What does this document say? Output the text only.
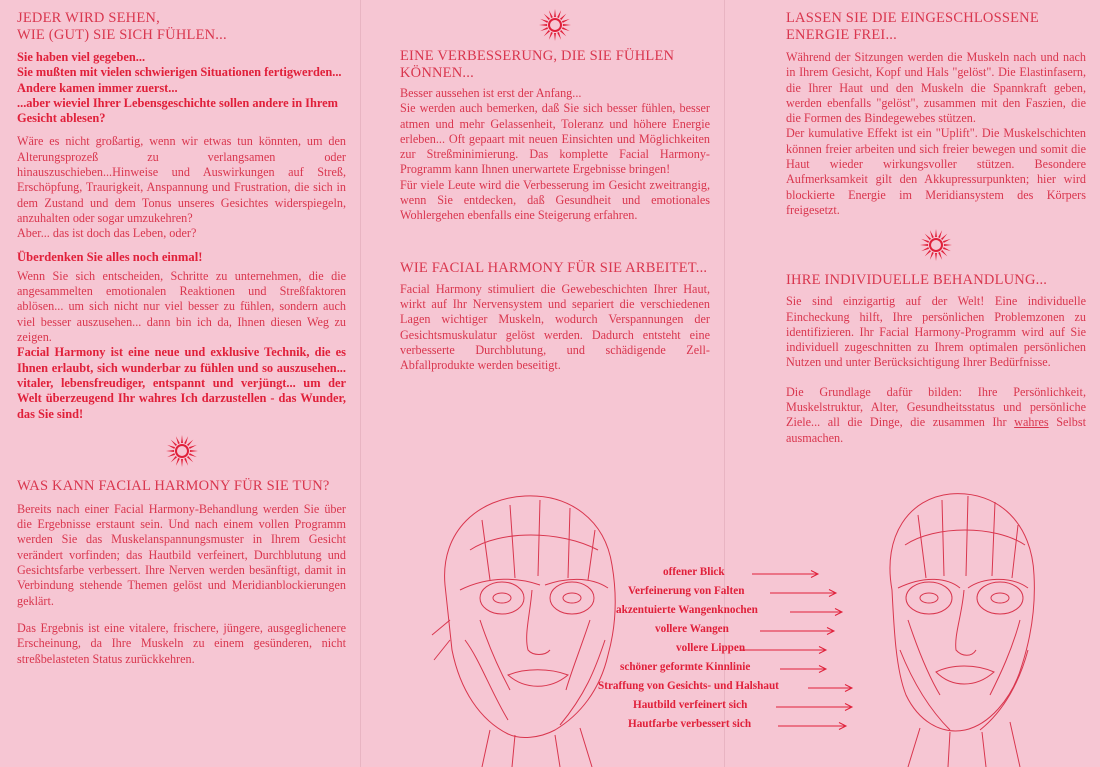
JEDER WIRD SEHEN,
WIE (GUT) SIE SICH FÜHLEN...

Sie haben viel gegeben...
Sie mußten mit vielen schwierigen Situationen fertigwerden...
Andere kamen immer zuerst...
...aber wieviel Ihrer Lebensgeschichte sollen andere in Ihrem Gesicht ablesen?

Wäre es nicht großartig, wenn wir etwas tun könnten, um den Alterungsprozeß zu verlangsamen oder hinauszuschieben...Hinweise und Auswirkungen auf Streß, Erschöpfung, Traurigkeit, Anspannung und Frustration, die sich in dem Zustand und dem Tonus unseres Gesichtes widerspiegeln, anzuhalten oder sogar umzukehren?

Aber... das ist doch das Leben, oder?

Überdenken Sie alles noch einmal!

Wenn Sie sich entscheiden, Schritte zu unternehmen, die die angesammelten emotionalen Reaktionen und Streßfaktoren ablösen... um sich nicht nur viel besser zu fühlen, sondern auch viel besser auszusehen... dann bin ich da, Ihnen diesen Weg zu zeigen.

Facial Harmony ist eine neue und exklusive Technik, die es Ihnen erlaubt, sich wunderbar zu fühlen und so auszusehen... vitaler, lebensfreudiger, entspannt und verjüngt... um der Welt überzeugend Ihr wahres Ich darzustellen - das Wunder, das Sie sind!

WAS KANN FACIAL HARMONY FÜR SIE TUN?

Bereits nach einer Facial Harmony-Behandlung werden Sie über die Ergebnisse erstaunt sein. Und nach einem vollen Programm werden Sie das Muskelanspannungsmuster in Ihrem Gesicht verändert vorfinden; das Hautbild verfeinert, Durchblutung und Gesichtsfarbe verbessert. Ihre Nerven werden besänftigt, damit in Verbindung stehende Themen gelöst und Meridianblockierungen geklärt.

Das Ergebnis ist eine vitalere, frischere, jüngere, ausgeglichenere Erscheinung, da Ihre Muskeln zu einem gesünderen, nicht streßbelasteten Status zurückkehren.

EINE VERBESSERUNG, DIE SIE FÜHLEN KÖNNEN...

Besser aussehen ist erst der Anfang...
Sie werden auch bemerken, daß Sie sich besser fühlen, besser atmen und mehr Gelassenheit, Toleranz und höhere Energie erleben... Oft gepaart mit neuen Einsichten und Möglichkeiten zur Streßminimierung. Das komplette Facial Harmony-Programm kann Ihnen unerwartete Ergebnisse bringen!
Für viele Leute wird die Verbesserung im Gesicht zweitrangig, wenn Sie entdecken, daß Gesundheit und emotionales Wohlergehen ebenfalls eine Steigerung erfahren.

WIE FACIAL HARMONY FÜR SIE ARBEITET...

Facial Harmony stimuliert die Gewebeschichten Ihrer Haut, wirkt auf Ihr Nervensystem und separiert die verschiedenen Lagen wichtiger Muskeln, wodurch Verspannungen der Gesichtsmuskulatur gelöst werden. Dadurch entsteht eine verbesserte Durchblutung, und schädigende Zell-Abfallprodukte werden beseitigt.

LASSEN SIE DIE EINGESCHLOSSENE ENERGIE FREI...

Während der Sitzungen werden die Muskeln nach und nach in Ihrem Gesicht, Kopf und Hals "gelöst". Die Elastinfasern, die Ihrer Haut und den Muskeln die Spannkraft geben, werden ebenfalls "gelöst", zusammen mit den Faszien, die die Formen des Bindegewebes stützen.
Der kumulative Effekt ist ein "Uplift". Die Muskelschichten können freier arbeiten und sich freier bewegen und somit die Haut wieder wirkungsvoller stützen. Besondere Aufmerksamkeit gilt den Akkupressurpunkten; hier wird blockierte Energie im Meridiansystem des Körpers freigesetzt.

IHRE INDIVIDUELLE BEHANDLUNG...

Sie sind einzigartig auf der Welt! Eine individuelle Eincheckung hilft, Ihre persönlichen Problemzonen zu identifizieren. Ihr Facial Harmony-Programm wird auf Sie individuell zugeschnitten zu Ihrem optimalen persönlichen Nutzen und unter Berücksichtigung Ihrer Bedürfnisse.

Die Grundlage dafür bilden: Ihre Persönlichkeit, Muskelstruktur, Alter, Gesundheitsstatus und persönliche Ziele... all die Dinge, die zusammen Ihr wahres Selbst ausmachen.

offener Blick
Verfeinerung von Falten
akzentuierte Wangenknochen
vollere Wangen
vollere Lippen
schöner geformte Kinnlinie
Straffung von Gesichts- und Halshaut
Hautbild verfeinert sich
Hautfarbe verbessert sich
